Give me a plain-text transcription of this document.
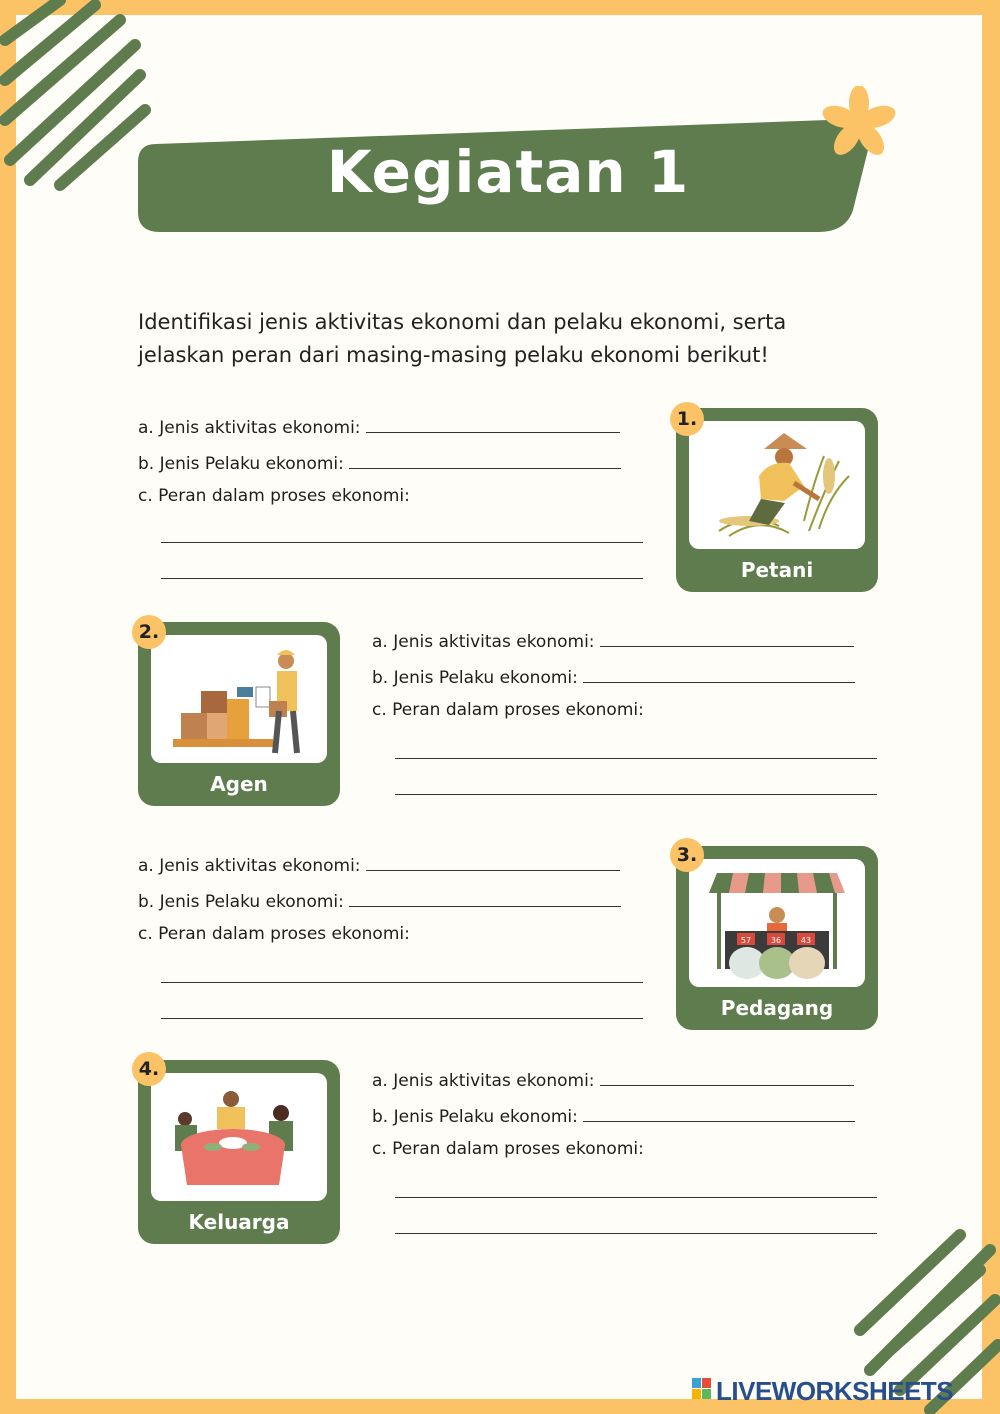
Kegiatan 1
Identifikasi jenis aktivitas ekonomi dan pelaku ekonomi, serta jelaskan peran dari masing-masing pelaku ekonomi berikut!
a. Jenis aktivitas ekonomi:
b. Jenis Pelaku ekonomi:
c. Peran dalam proses ekonomi:
Petani
1.
Agen
2.	a. Jenis aktivitas ekonomi:
b. Jenis Pelaku ekonomi:
c. Peran dalam proses ekonomi:
a. Jenis aktivitas ekonomi:
b. Jenis Pelaku ekonomi:
c. Peran dalam proses ekonomi:	57 36 43
Pedagang
3.
Keluarga
4.
a. Jenis aktivitas ekonomi:
b. Jenis Pelaku ekonomi:
c. Peran dalam proses ekonomi:
LIVEWORKSHEETS
